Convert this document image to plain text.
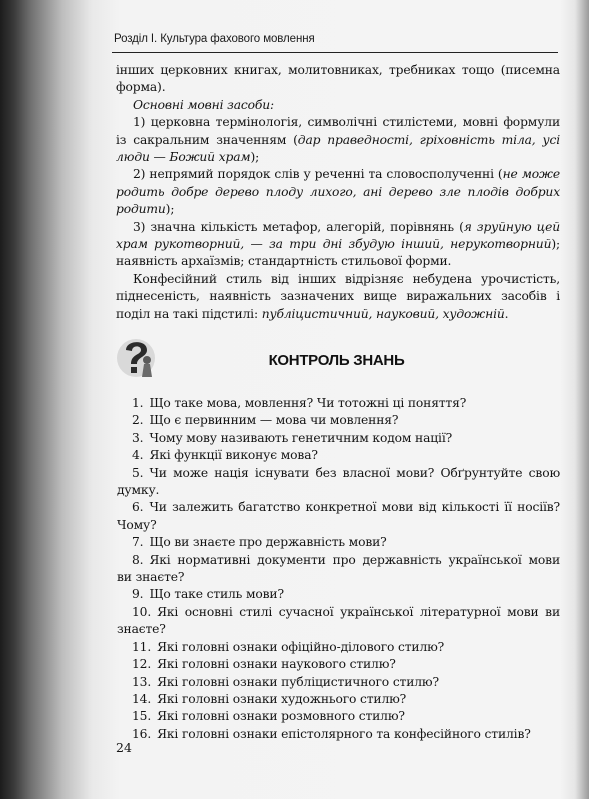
Розділ I. Культура фахового мовлення

інших церковних книгах, молитовниках, требниках тощо (писемна форма).

Основні мовні засоби:

1) церковна термінологія, символічні стилістеми, мовні формули із сакральним значенням (дар праведності, гріховність тіла, усі люди — Божий храм);

2) непрямий порядок слів у реченні та словосполученні (не може родить добре дерево плоду лихого, ані дерево зле плодів добрих родити);

3) значна кількість метафор, алегорій, порівнянь (я зруйную цей храм рукотворний, — за три дні збудую інший, нерукотворний); наявність архаїзмів; стандартність стильової форми.

Конфесійний стиль від інших відрізняє небудена урочистість, піднесеність, наявність зазначених вище виражальних засобів і поділ на такі підстилі: публіцистичний, науковий, художній.

КОНТРОЛЬ ЗНАНЬ

1. Що таке мова, мовлення? Чи тотожні ці поняття?

2. Що є первинним — мова чи мовлення?

3. Чому мову називають генетичним кодом нації?

4. Які функції виконує мова?

5. Чи може нація існувати без власної мови? Обґрунтуйте свою думку.

6. Чи залежить багатство конкретної мови від кількості її носіїв? Чому?

7. Що ви знаєте про державність мови?

8. Які нормативні документи про державність української мови ви знаєте?

9. Що таке стиль мови?

10. Які основні стилі сучасної української літературної мови ви знаєте?

11. Які головні ознаки офіційно-ділового стилю?

12. Які головні ознаки наукового стилю?

13. Які головні ознаки публіцистичного стилю?

14. Які головні ознаки художнього стилю?

15. Які головні ознаки розмовного стилю?

16. Які головні ознаки епістолярного та конфесійного стилів?

24
